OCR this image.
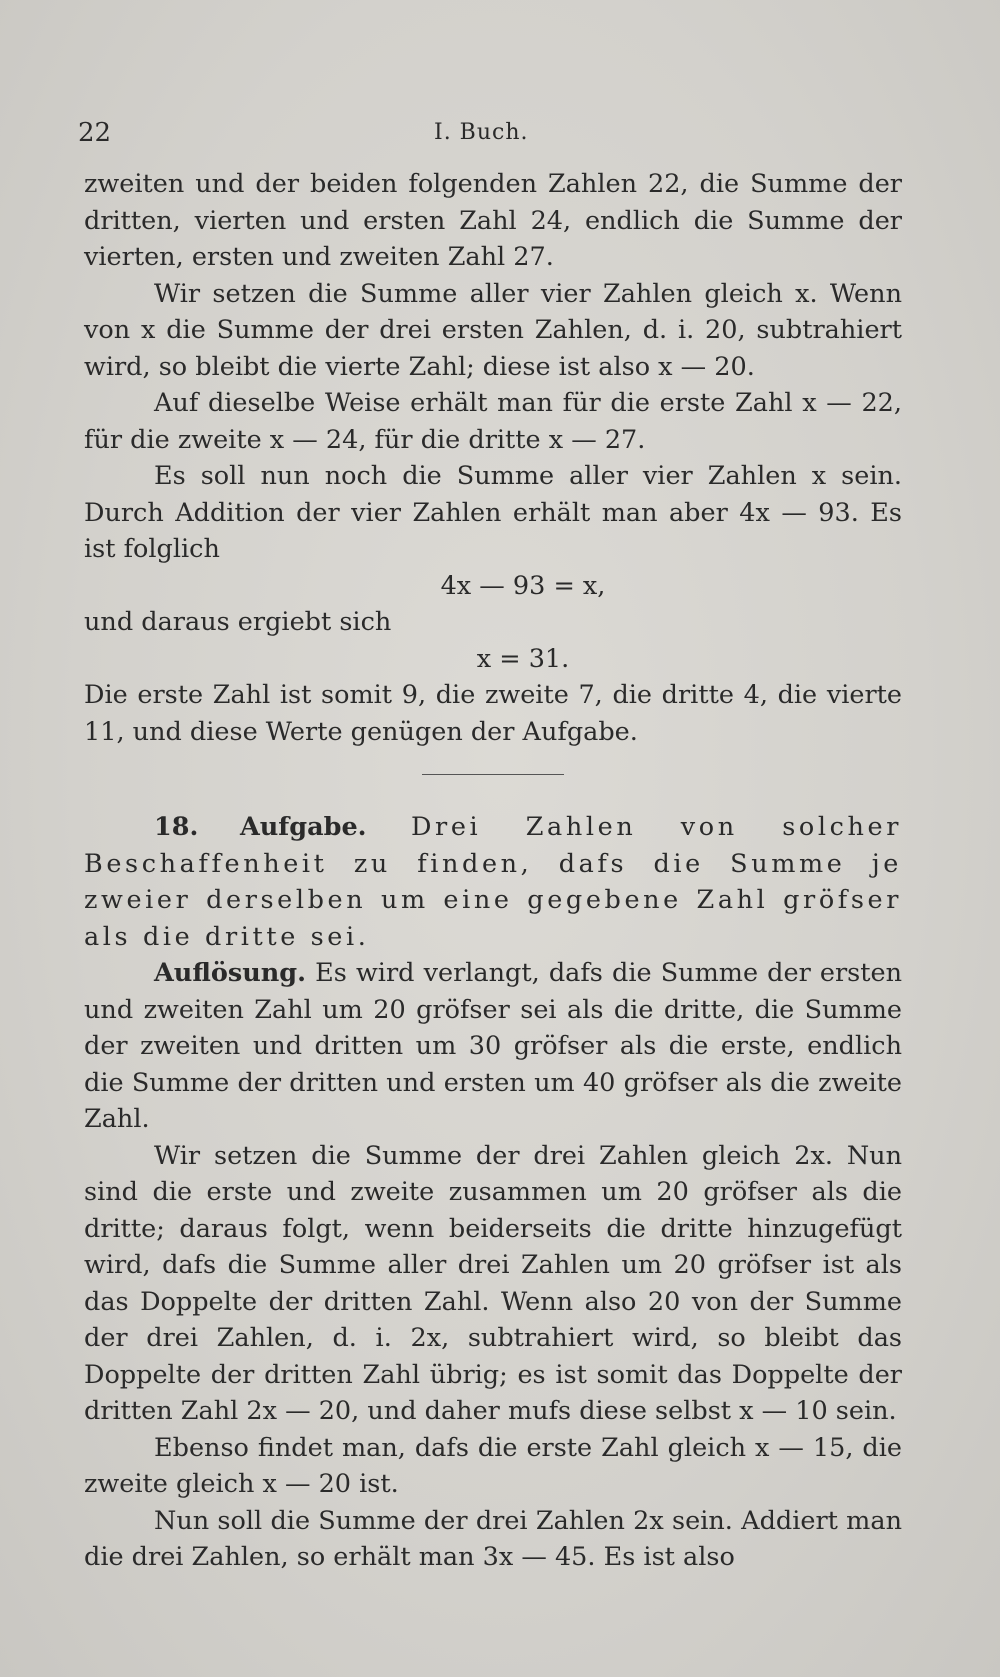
22	I. Buch.

zweiten und der beiden folgenden Zahlen 22, die Summe der dritten, vierten und ersten Zahl 24, endlich die Summe der vierten, ersten und zweiten Zahl 27.

Wir setzen die Summe aller vier Zahlen gleich x. Wenn von x die Summe der drei ersten Zahlen, d. i. 20, subtrahiert wird, so bleibt die vierte Zahl; diese ist also x — 20.

Auf dieselbe Weise erhält man für die erste Zahl x — 22, für die zweite x — 24, für die dritte x — 27.

Es soll nun noch die Summe aller vier Zahlen x sein. Durch Addition der vier Zahlen erhält man aber 4x — 93. Es ist folglich

4x — 93 = x,

und daraus ergiebt sich

x = 31.

Die erste Zahl ist somit 9, die zweite 7, die dritte 4, die vierte 11, und diese Werte genügen der Aufgabe.

18. Aufgabe. Drei Zahlen von solcher Beschaffenheit zu finden, dafs die Summe je zweier derselben um eine gegebene Zahl gröfser als die dritte sei.

Auflösung. Es wird verlangt, dafs die Summe der ersten und zweiten Zahl um 20 gröfser sei als die dritte, die Summe der zweiten und dritten um 30 gröfser als die erste, endlich die Summe der dritten und ersten um 40 gröfser als die zweite Zahl.

Wir setzen die Summe der drei Zahlen gleich 2x. Nun sind die erste und zweite zusammen um 20 gröfser als die dritte; daraus folgt, wenn beiderseits die dritte hinzugefügt wird, dafs die Summe aller drei Zahlen um 20 gröfser ist als das Doppelte der dritten Zahl. Wenn also 20 von der Summe der drei Zahlen, d. i. 2x, subtrahiert wird, so bleibt das Doppelte der dritten Zahl übrig; es ist somit das Doppelte der dritten Zahl 2x — 20, und daher mufs diese selbst x — 10 sein.

Ebenso findet man, dafs die erste Zahl gleich x — 15, die zweite gleich x — 20 ist.

Nun soll die Summe der drei Zahlen 2x sein. Addiert man die drei Zahlen, so erhält man 3x — 45. Es ist also
